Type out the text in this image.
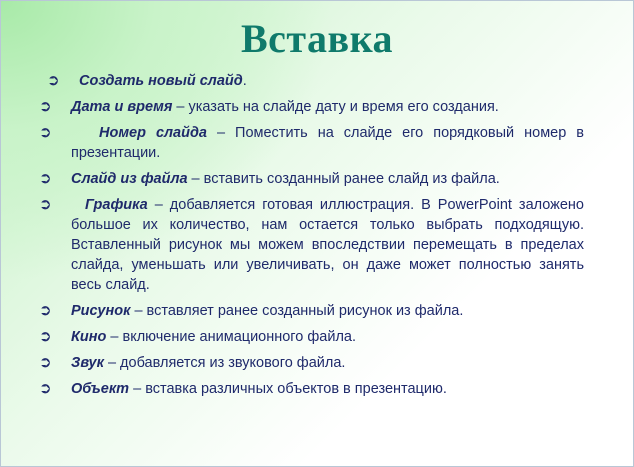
Вставка
➲ Создать новый слайд.
➲ Дата и время – указать на слайде дату и время его создания.
➲	Номер слайда – Поместить на слайде его порядковый номер в презентации.
➲ Слайд из файла – вставить созданный ранее слайд из файла.
➲ Графика – добавляется готовая иллюстрация. В PowerPoint заложено большое их количество, нам остается только выбрать подходящую. Вставленный рисунок мы можем впоследствии перемещать в пределах слайда, уменьшать или увеличивать, он даже может полностью занять весь слайд.
➲ Рисунок – вставляет ранее созданный рисунок из файла.
➲ Кино – включение анимационного файла.
➲ Звук – добавляется из звукового файла.
➲ Объект – вставка различных объектов в презентацию.
